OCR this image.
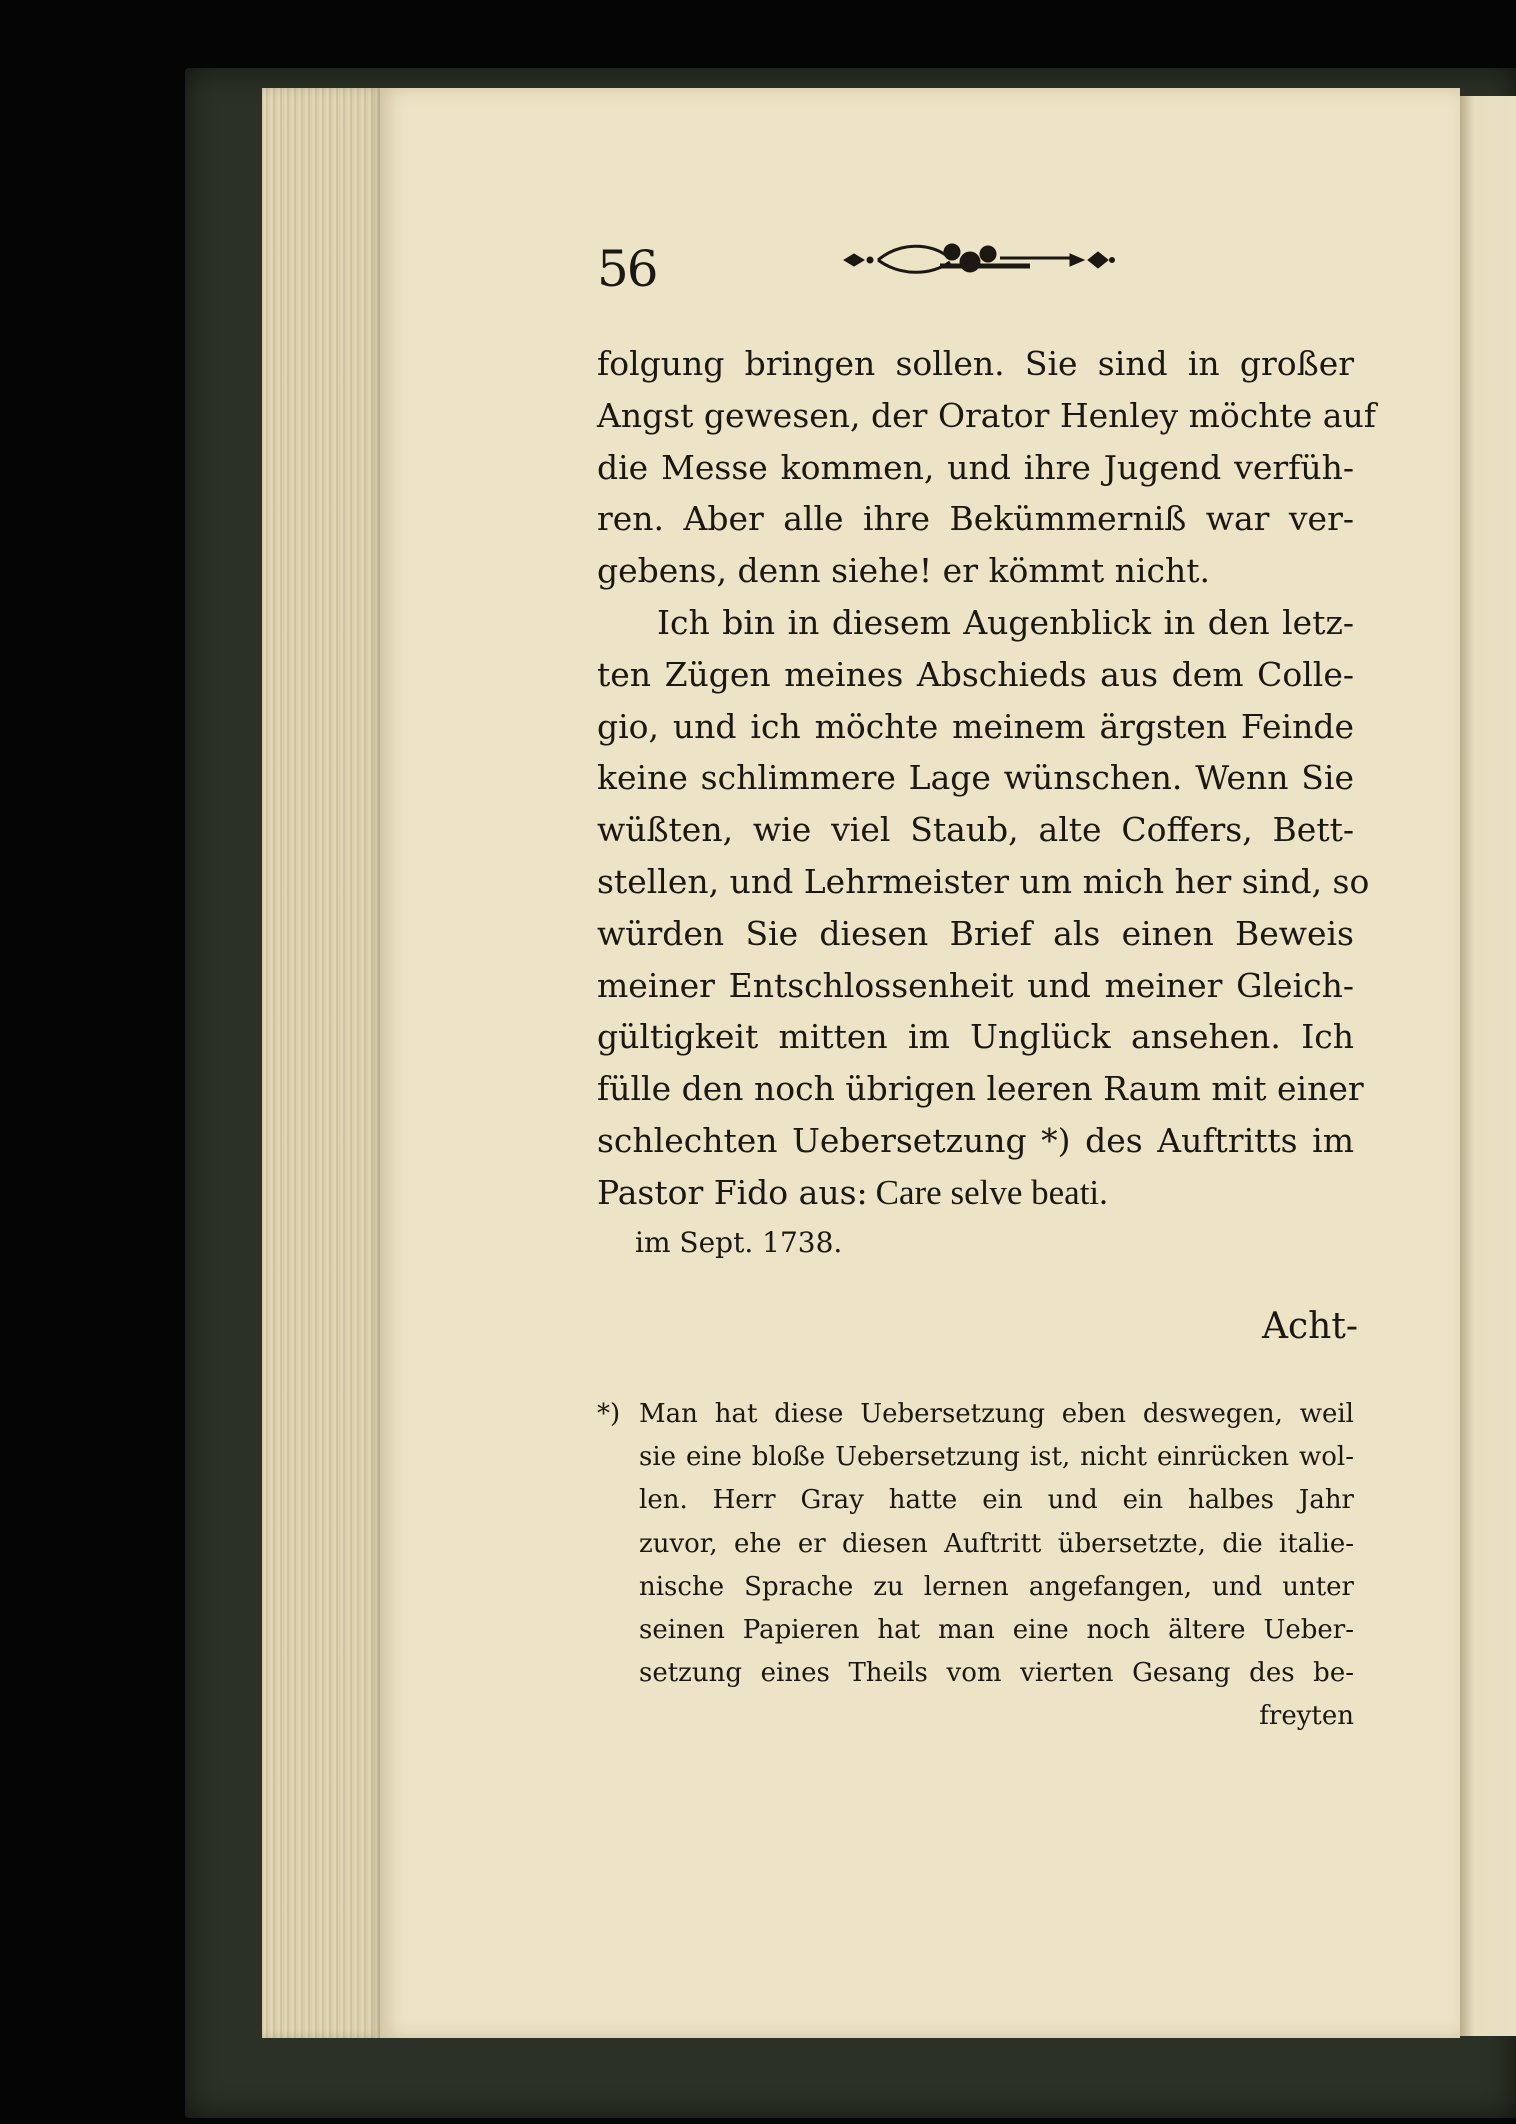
56
folgung bringen sollen. Sie sind in großer
Angst gewesen, der Orator Henley möchte auf
die Messe kommen, und ihre Jugend verfüh-
ren. Aber alle ihre Bekümmerniß war ver-
gebens, denn siehe! er kömmt nicht.
Ich bin in diesem Augenblick in den letz-
ten Zügen meines Abschieds aus dem Colle-
gio, und ich möchte meinem ärgsten Feinde
keine schlimmere Lage wünschen. Wenn Sie
wüßten, wie viel Staub, alte Coffers, Bett-
stellen, und Lehrmeister um mich her sind, so
würden Sie diesen Brief als einen Beweis
meiner Entschlossenheit und meiner Gleich-
gültigkeit mitten im Unglück ansehen. Ich
fülle den noch übrigen leeren Raum mit einer
schlechten Uebersetzung *) des Auftritts im
Pastor Fido aus: Care selve beati.
im Sept. 1738.
Acht-
*) Man hat diese Uebersetzung eben deswegen, weil
sie eine bloße Uebersetzung ist, nicht einrücken wol-
len. Herr Gray hatte ein und ein halbes Jahr
zuvor, ehe er diesen Auftritt übersetzte, die italie-
nische Sprache zu lernen angefangen, und unter
seinen Papieren hat man eine noch ältere Ueber-
setzung eines Theils vom vierten Gesang des be-
freyten
